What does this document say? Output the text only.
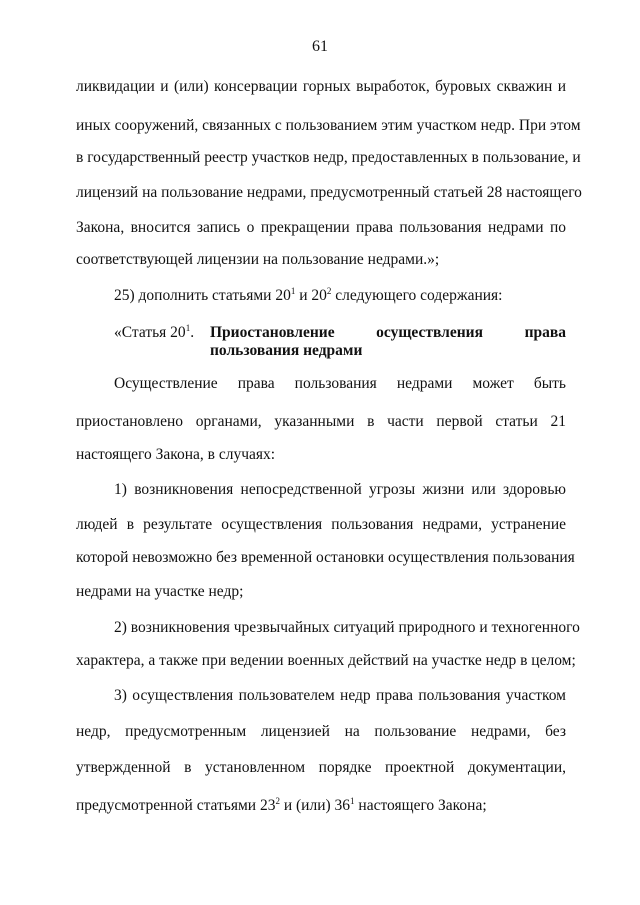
61
ликвидации и (или) консервации горных выработок, буровых скважин и
иных сооружений, связанных с пользованием этим участком недр. При этом
в государственный реестр участков недр, предоставленных в пользование, и
лицензий на пользование недрами, предусмотренный статьей 28 настоящего
Закона, вносится запись о прекращении права пользования недрами по
соответствующей лицензии на пользование недрами.»;
25) дополнить статьями $20^1$ и $20^2$ следующего содержания:
«Статья $20^1$. Приостановление осуществления права
пользования недрами
Осуществление права пользования недрами может быть
приостановлено органами, указанными в части первой статьи 21
настоящего Закона, в случаях:
1) возникновения непосредственной угрозы жизни или здоровью
людей в результате осуществления пользования недрами, устранение
которой невозможно без временной остановки осуществления пользования
недрами на участке недр;
2) возникновения чрезвычайных ситуаций природного и техногенного
характера, а также при ведении военных действий на участке недр в целом;
3) осуществления пользователем недр права пользования участком
недр, предусмотренным лицензией на пользование недрами, без
утвержденной в установленном порядке проектной документации,
предусмотренной статьями $23^2$ и (или) $36^1$ настоящего Закона;
